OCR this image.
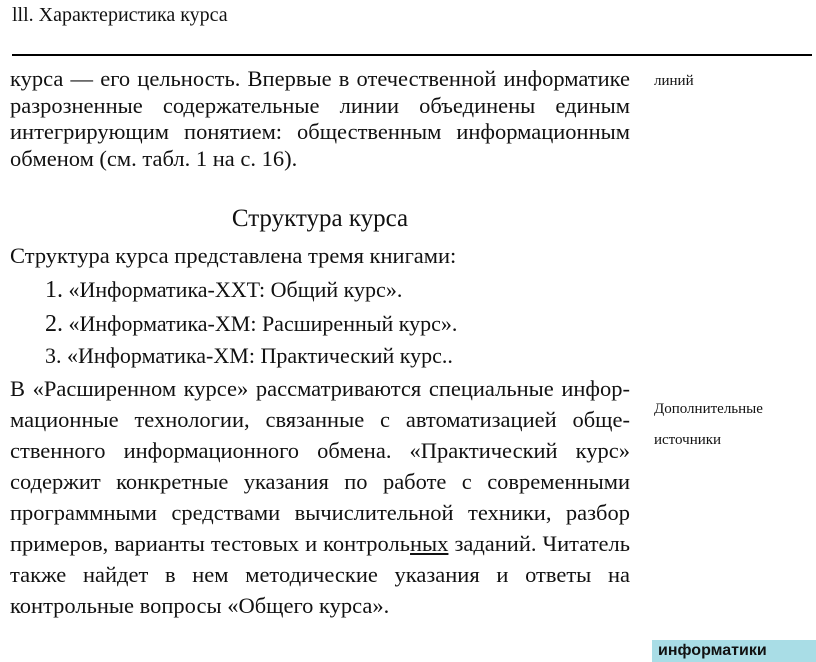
lll. Характеристика курса
курса — его цельность. Впервые в отечественной информатике разрозненные содержательные линии объединены единым интегрирующим понятием: общественным информационным обменом (см. табл. 1 на с. 16).
Структура курса
Структура курса представлена тремя книгами:
1. «Информатика-XXT: Общий курс».
2. «Информатика-XM: Расширенный курс».
3. «Информатика-XM: Практический курс..
В «Расширенном курсе» рассматриваются специальные инфор-мационные технологии, связанные с автоматизацией обще-ственного информационного обмена. «Практический курс» содержит конкретные указания по работе с современными программными средствами вычислительной техники, разбор примеров, варианты тестовых и контрольных заданий. Читатель также найдет в нем методические указания и ответы на контрольные вопросы «Общего курса».
линий
Дополнительные
источники
информатики
